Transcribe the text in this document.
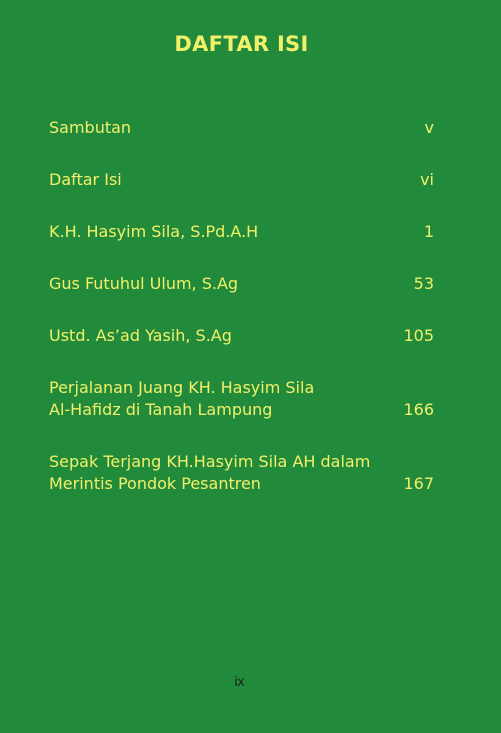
DAFTAR ISI
Sambutan	v
Daftar Isi	vi
K.H. Hasyim Sila, S.Pd.A.H	1
Gus Futuhul Ulum, S.Ag	53
Ustd. As’ad Yasih, S.Ag	105
Perjalanan Juang KH. Hasyim Sila
Al-Hafidz di Tanah Lampung	166
Sepak Terjang KH.Hasyim Sila AH dalam
Merintis Pondok Pesantren	167
ix
